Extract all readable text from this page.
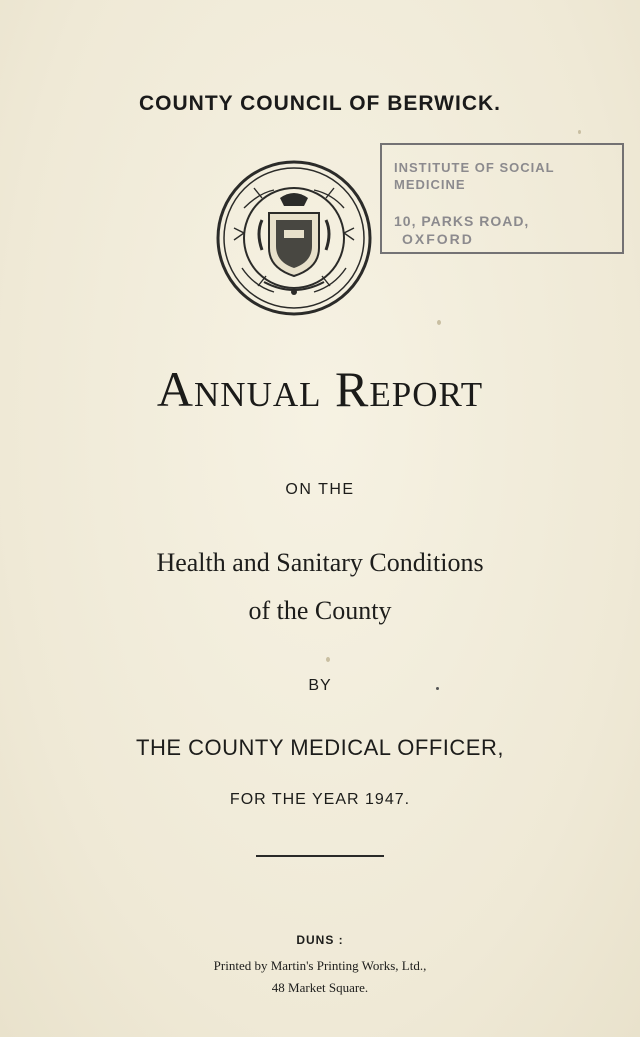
COUNTY COUNCIL OF BERWICK.
INSTITUTE OF SOCIAL
MEDICINE
10, PARKS ROAD,
OXFORD
Annual Report
ON THE
Health and Sanitary Conditions
of the County
BY
THE COUNTY MEDICAL OFFICER,
FOR THE YEAR 1947.
DUNS :
Printed by Martin's Printing Works, Ltd.,
48 Market Square.
